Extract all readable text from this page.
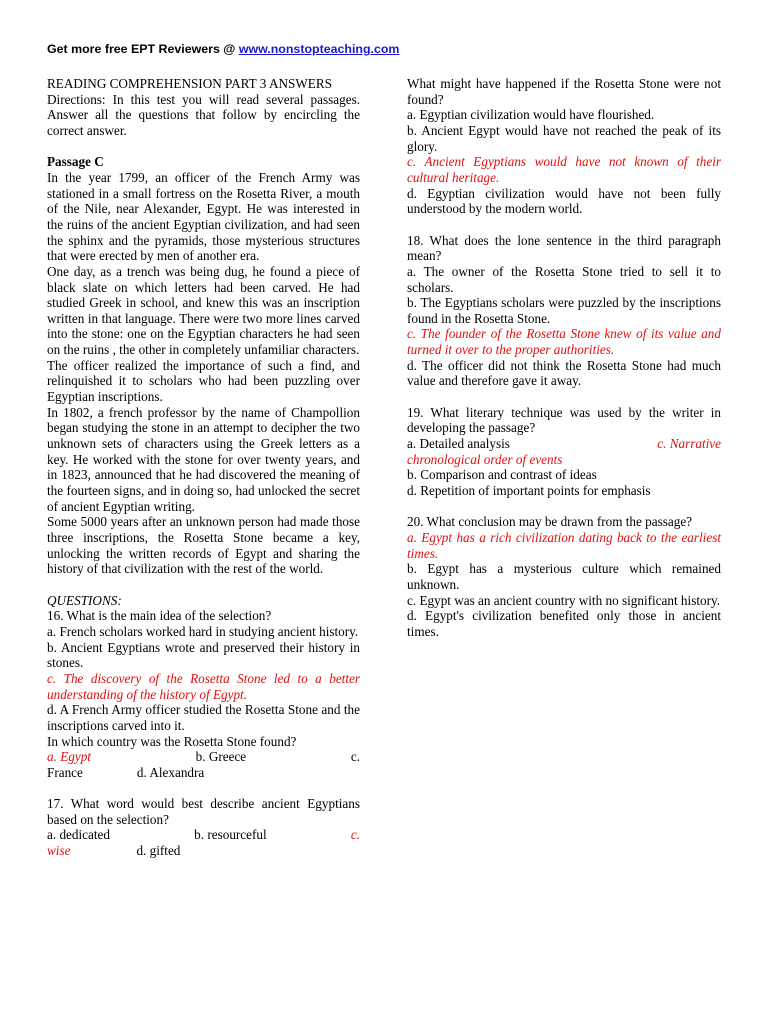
Get more free EPT Reviewers @ www.nonstopteaching.com

READING COMPREHENSION PART 3 ANSWERS

Directions: In this test you will read several passages. Answer all the questions that follow by encircling the correct answer.

Passage C

In the year 1799, an officer of the French Army was stationed in a small fortress on the Rosetta River, a mouth of the Nile, near Alexander, Egypt. He was interested in the ruins of the ancient Egyptian civilization, and had seen the sphinx and the pyramids, those mysterious structures that were erected by men of another era.

One day, as a trench was being dug, he found a piece of black slate on which letters had been carved. He had studied Greek in school, and knew this was an inscription written in that language. There were two more lines carved into the stone: one on the Egyptian characters he had seen on the ruins , the other in completely unfamiliar characters.

The officer realized the importance of such a find, and relinquished it to scholars who had been puzzling over Egyptian inscriptions.

In 1802, a french professor by the name of Champollion began studying the stone in an attempt to decipher the two unknown sets of characters using the Greek letters as a key. He worked with the stone for over twenty years, and in 1823, announced that he had discovered the meaning of the fourteen signs, and in doing so, had unlocked the secret of ancient Egyptian writing.

Some 5000 years after an unknown person had made those three inscriptions, the Rosetta Stone became a key, unlocking the written records of Egypt and sharing the history of that civilization with the rest of the world.

QUESTIONS:

16. What is the main idea of the selection?

a. French scholars worked hard in studying ancient history.

b. Ancient Egyptians wrote and preserved their history in stones.

c. The discovery of the Rosetta Stone led to a better understanding of the history of Egypt.

d. A French Army officer studied the Rosetta Stone and the inscriptions carved into it.

In which country was the Rosetta Stone found?

a. Egypt	b. Greece	c.
France	d. Alexandra

17. What word would best describe ancient Egyptians based on the selection?

a. dedicated	b. resourceful	c.
wise	d. gifted

What might have happened if the Rosetta Stone were not found?

a. Egyptian civilization would have flourished.

b. Ancient Egypt would have not reached the peak of its glory.

c. Ancient Egyptians would have not known of their cultural heritage.

d. Egyptian civilization would have not been fully understood by the modern world.

18. What does the lone sentence in the third paragraph mean?

a. The owner of the Rosetta Stone tried to sell it to scholars.

b. The Egyptians scholars were puzzled by the inscriptions found in the Rosetta Stone.

c. The founder of the Rosetta Stone knew of its value and turned it over to the proper authorities.

d. The officer did not think the Rosetta Stone had much value and therefore gave it away.

19. What literary technique was used by the writer in developing the passage?

a. Detailed analysis	c. Narrative

chronological order of events

b. Comparison and contrast of ideas

d. Repetition of important points for emphasis

20. What conclusion may be drawn from the passage?

a. Egypt has a rich civilization dating back to the earliest times.

b. Egypt has a mysterious culture which remained unknown.

c. Egypt was an ancient country with no significant history.

d. Egypt's civilization benefited only those in ancient times.
